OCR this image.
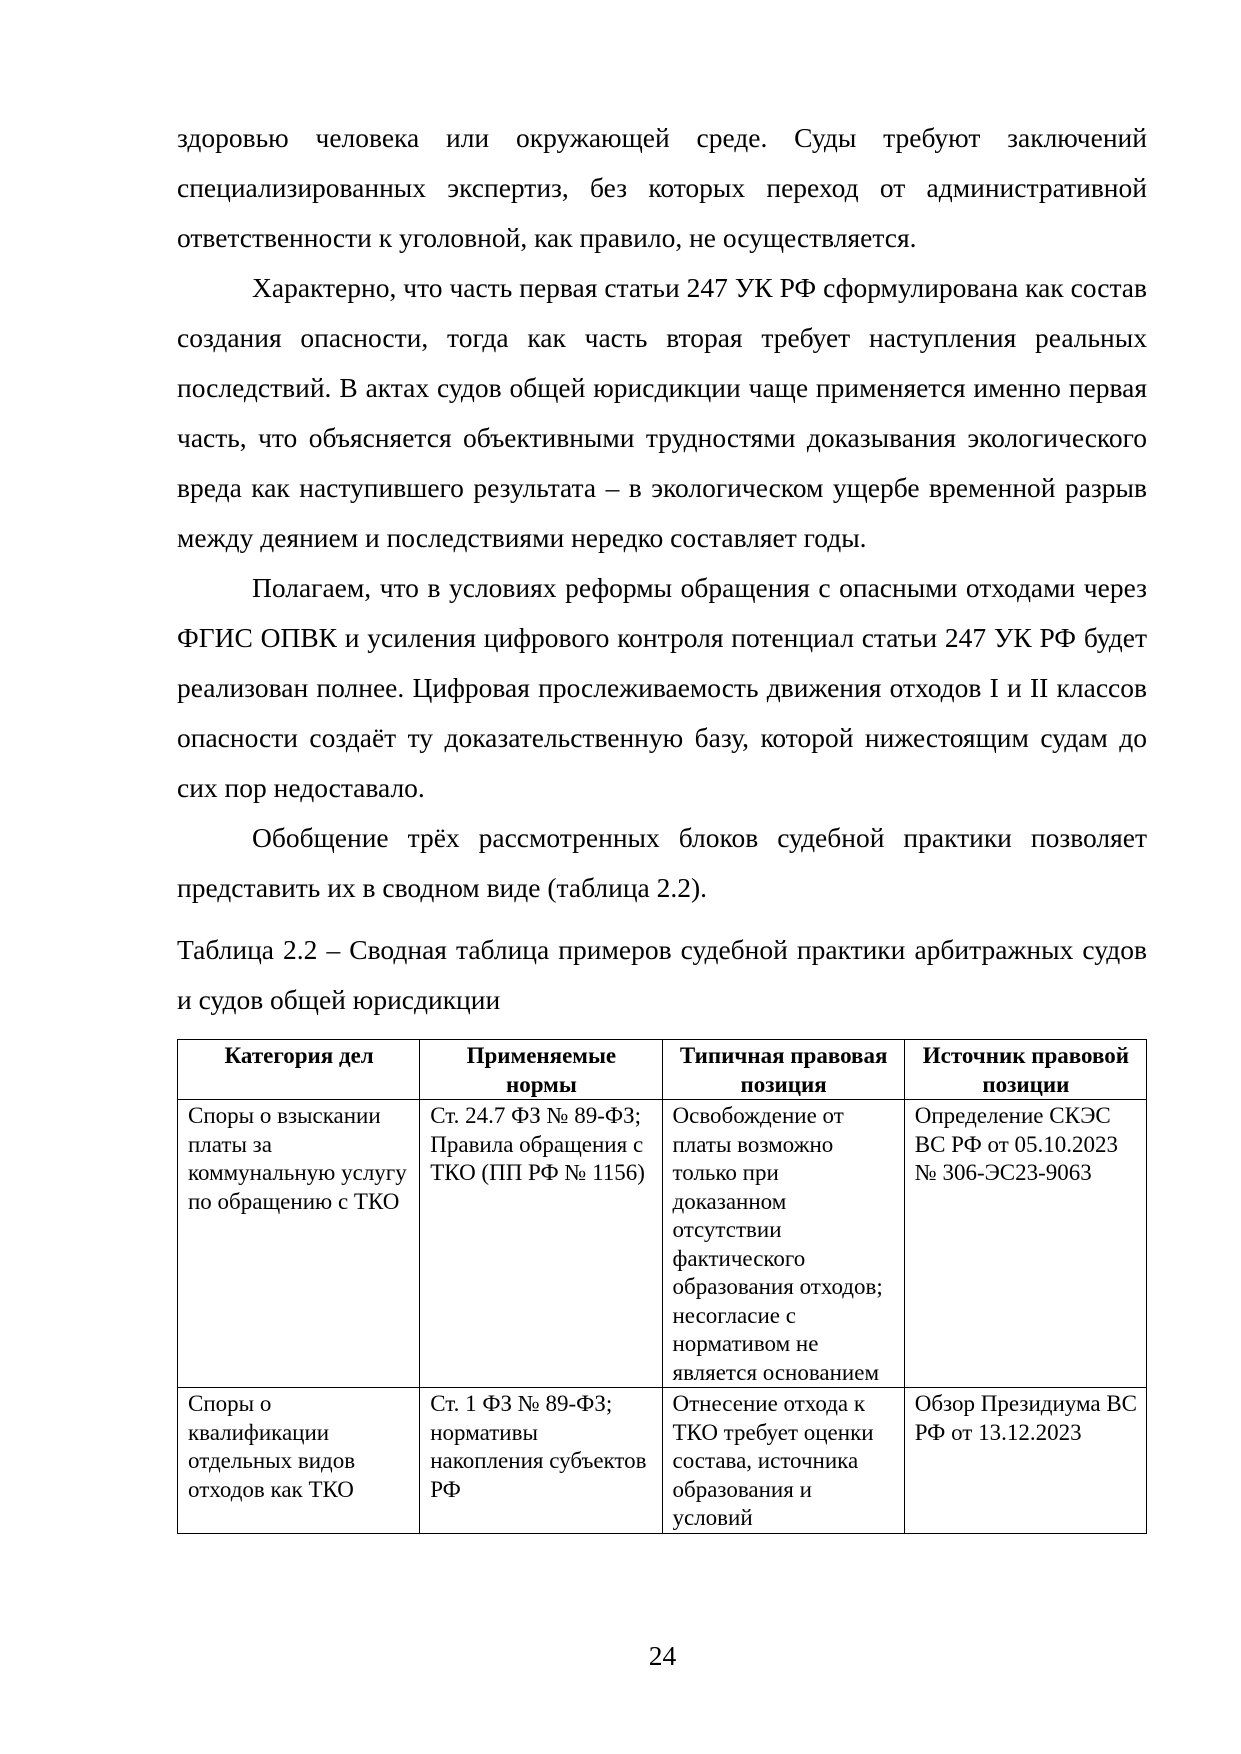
здоровью человека или окружающей среде. Суды требуют заключений специализированных экспертиз, без которых переход от административной ответственности к уголовной, как правило, не осуществляется.

Характерно, что часть первая статьи 247 УК РФ сформулирована как состав создания опасности, тогда как часть вторая требует наступления реальных последствий. В актах судов общей юрисдикции чаще применяется именно первая часть, что объясняется объективными трудностями доказывания экологического вреда как наступившего результата – в экологическом ущербе временной разрыв между деянием и последствиями нередко составляет годы.

Полагаем, что в условиях реформы обращения с опасными отходами через ФГИС ОПВК и усиления цифрового контроля потенциал статьи 247 УК РФ будет реализован полнее. Цифровая прослеживаемость движения отходов I и II классов опасности создаёт ту доказательственную базу, которой нижестоящим судам до сих пор недоставало.

Обобщение трёх рассмотренных блоков судебной практики позволяет представить их в сводном виде (таблица 2.2).

Таблица 2.2 – Сводная таблица примеров судебной практики арбитражных судов и судов общей юрисдикции

Категория дел	Применяемые нормы	Типичная правовая позиция	Источник правовой позиции
Споры о взыскании платы за коммунальную услугу по обращению с ТКО	Ст. 24.7 ФЗ № 89-ФЗ; Правила обращения с ТКО (ПП РФ № 1156)	Освобождение от платы возможно только при доказанном отсутствии фактического образования отходов; несогласие с нормативом не является основанием	Определение СКЭС ВС РФ от 05.10.2023 № 306-ЭС23-9063
Споры о квалификации отдельных видов отходов как ТКО	Ст. 1 ФЗ № 89-ФЗ; нормативы накопления субъектов РФ	Отнесение отхода к ТКО требует оценки состава, источника образования и условий	Обзор Президиума ВС РФ от 13.12.2023
24
